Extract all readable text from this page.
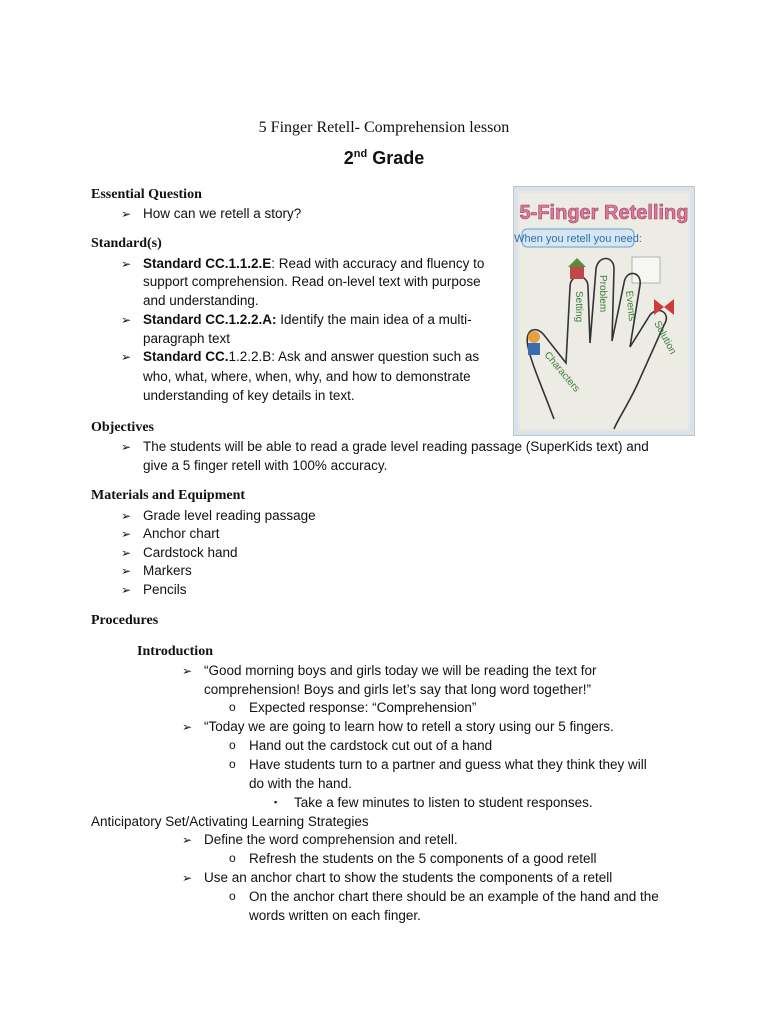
5 Finger Retell- Comprehension lesson
2nd Grade
Essential Question
➢ How can we retell a story?
Standard(s)
➢ Standard CC.1.1.2.E: Read with accuracy and fluency to
support comprehension. Read on-level text with purpose
and understanding.
➢ Standard CC.1.2.2.A: Identify the main idea of a multi-
paragraph text
➢ Standard CC.1.2.2.B: Ask and answer question such as
who, what, where, when, why, and how to demonstrate
understanding of key details in text.
5-Finger Retelling
When you retell you need:
Characters
Setting Problem Events
Solution
Objectives
➢ The students will be able to read a grade level reading passage (SuperKids text) and
give a 5 finger retell with 100% accuracy.
Materials and Equipment
➢ Grade level reading passage
➢ Anchor chart
➢ Cardstock hand
➢ Markers
➢ Pencils
Procedures
Introduction
➢ “Good morning boys and girls today we will be reading the text for
comprehension! Boys and girls let’s say that long word together!”
o Expected response: “Comprehension”
➢ “Today we are going to learn how to retell a story using our 5 fingers.
o Hand out the cardstock cut out of a hand
o Have students turn to a partner and guess what they think they will
do with the hand.
▪ Take a few minutes to listen to student responses.
Anticipatory Set/Activating Learning Strategies
➢ Define the word comprehension and retell.
o Refresh the students on the 5 components of a good retell
➢ Use an anchor chart to show the students the components of a retell
o On the anchor chart there should be an example of the hand and the
words written on each finger.
